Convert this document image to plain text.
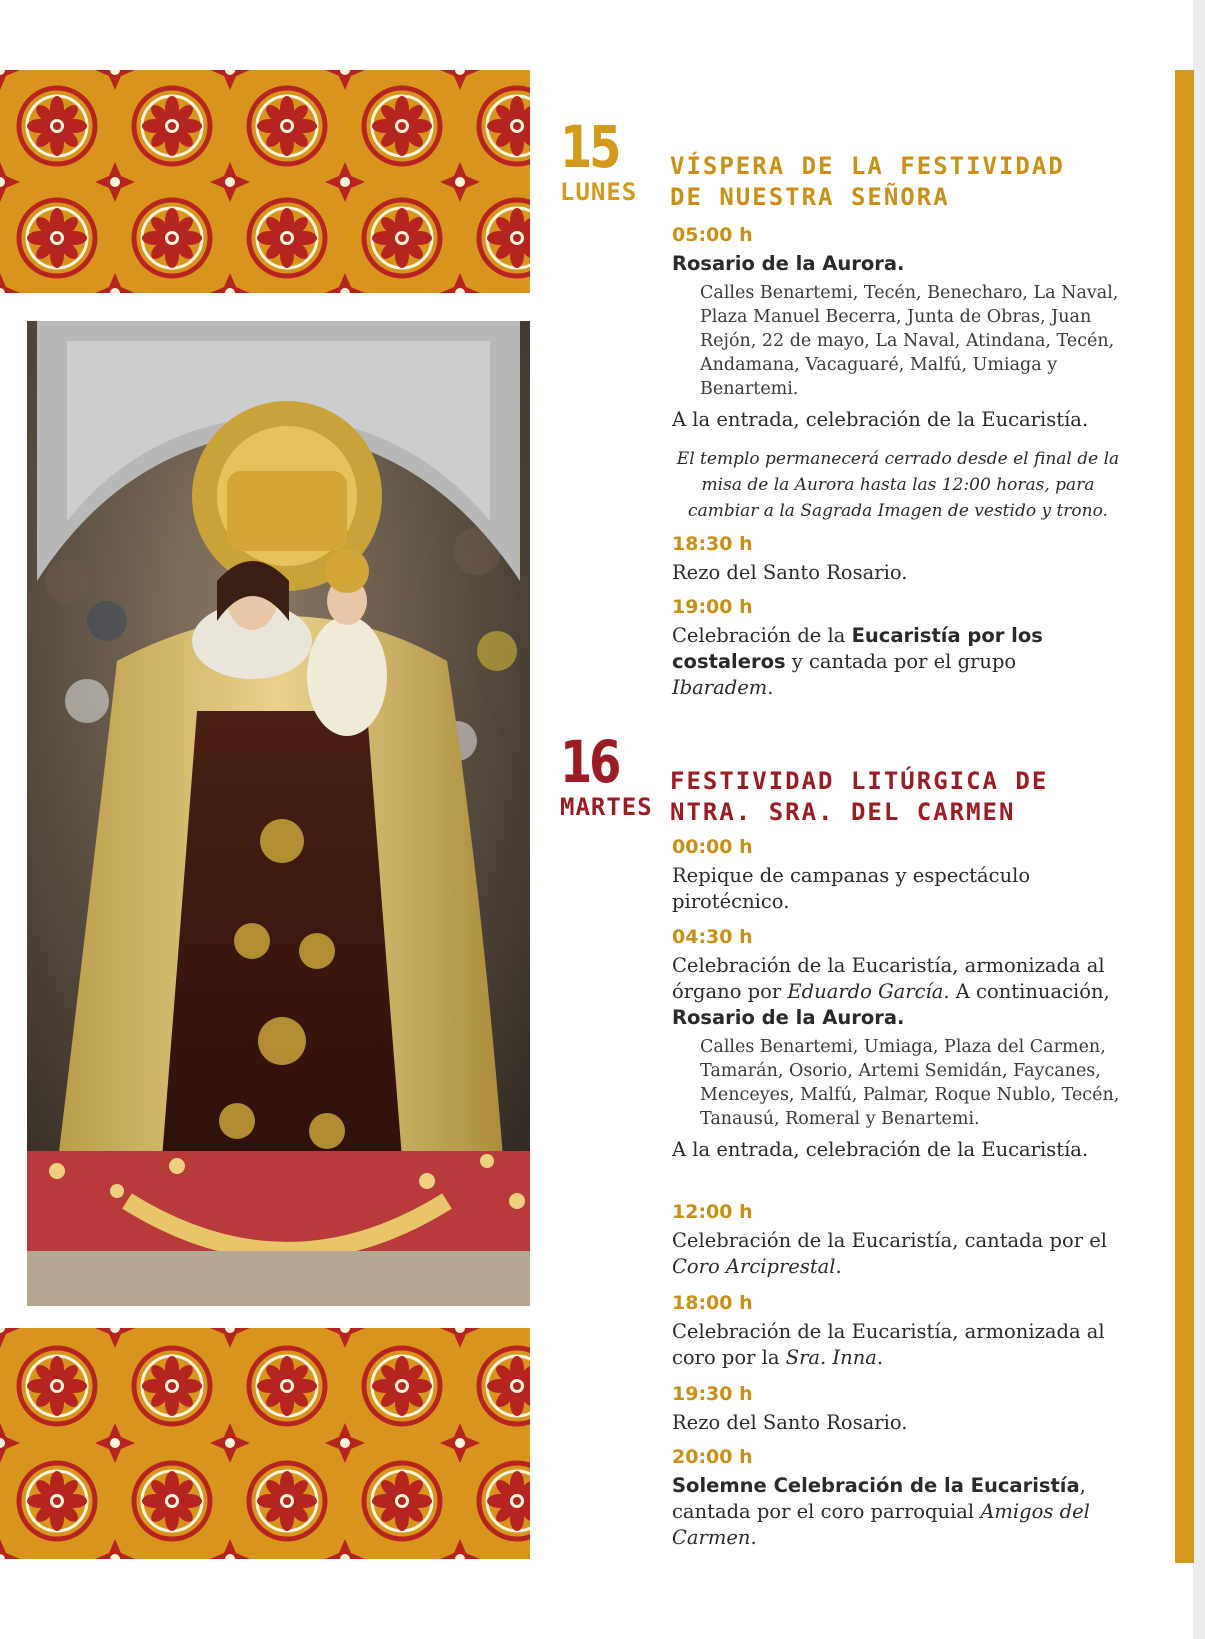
15
LUNES
VÍSPERA DE LA FESTIVIDAD
DE NUESTRA SEÑORA

05:00 h

Rosario de la Aurora.

Calles Benartemi, Tecén, Benecharo, La Naval, Plaza Manuel Becerra, Junta de Obras, Juan Rejón, 22 de mayo, La Naval, Atindana, Tecén, Andamana, Vacaguaré, Malfú, Umiaga y Benartemi.

A la entrada, celebración de la Eucaristía.

El templo permanecerá cerrado desde el final de la misa de la Aurora hasta las 12:00 horas, para cambiar a la Sagrada Imagen de vestido y trono.

18:30 h

Rezo del Santo Rosario.

19:00 h

Celebración de la Eucaristía por los costaleros y cantada por el grupo Ibaradem.

16
MARTES
FESTIVIDAD LITÚRGICA DE
NTRA. SRA. DEL CARMEN

00:00 h

Repique de campanas y espectáculo pirotécnico.

04:30 h

Celebración de la Eucaristía, armonizada al órgano por Eduardo García. A continuación, Rosario de la Aurora.

Calles Benartemi, Umiaga, Plaza del Carmen, Tamarán, Osorio, Artemi Semidán, Faycanes, Menceyes, Malfú, Palmar, Roque Nublo, Tecén, Tanausú, Romeral y Benartemi.

A la entrada, celebración de la Eucaristía.

12:00 h

Celebración de la Eucaristía, cantada por el Coro Arciprestal.

18:00 h

Celebración de la Eucaristía, armonizada al coro por la Sra. Inna.

19:30 h

Rezo del Santo Rosario.

20:00 h

Solemne Celebración de la Eucaristía, cantada por el coro parroquial Amigos del Carmen.
